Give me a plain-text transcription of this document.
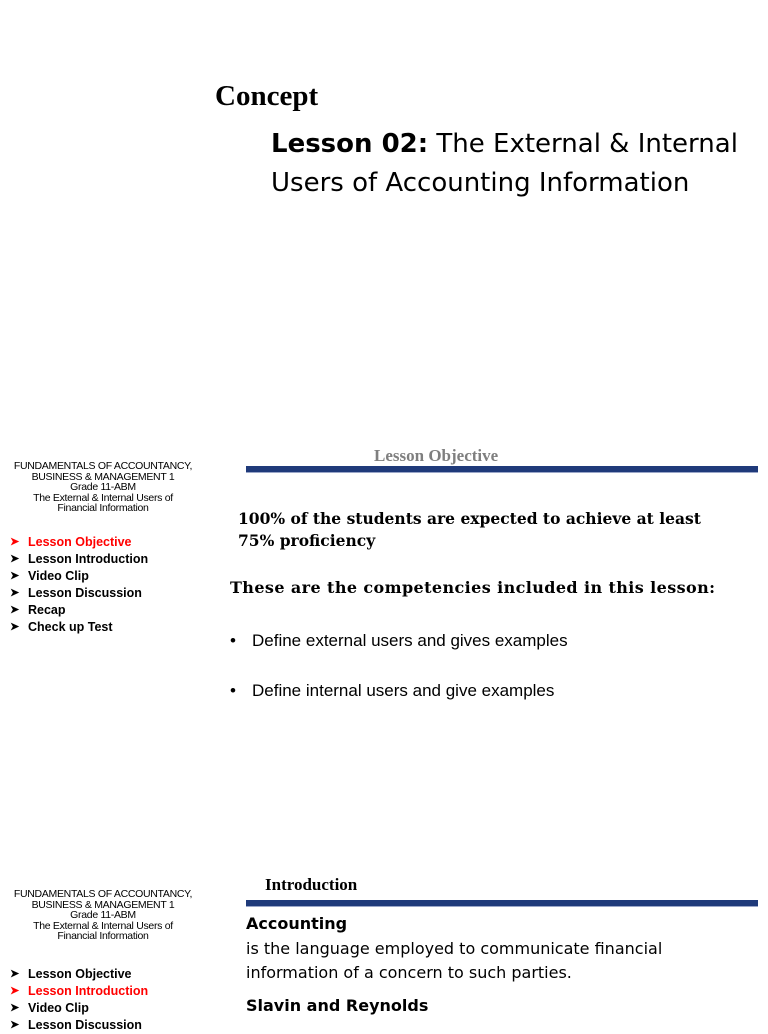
Concept
Lesson 02: The External & Internal Users of Accounting Information
FUNDAMENTALS OF ACCOUNTANCY,
BUSINESS & MANAGEMENT 1
Grade 11-ABM
The External & Internal Users of
Financial Information
➤ Lesson Objective
➤ Lesson Introduction
➤ Video Clip
➤ Lesson Discussion
➤ Recap
➤ Check up Test
Lesson Objective
100% of the students are expected to achieve at least 75% proficiency
These are the competencies included in this lesson:
• Define external users and gives examples
• Define internal users and give examples
FUNDAMENTALS OF ACCOUNTANCY,
BUSINESS & MANAGEMENT 1
Grade 11-ABM
The External & Internal Users of
Financial Information
➤ Lesson Objective
➤ Lesson Introduction
➤ Video Clip
➤ Lesson Discussion
Introduction
Accounting
is the language employed to communicate financial information of a concern to such parties.
Slavin and Reynolds
